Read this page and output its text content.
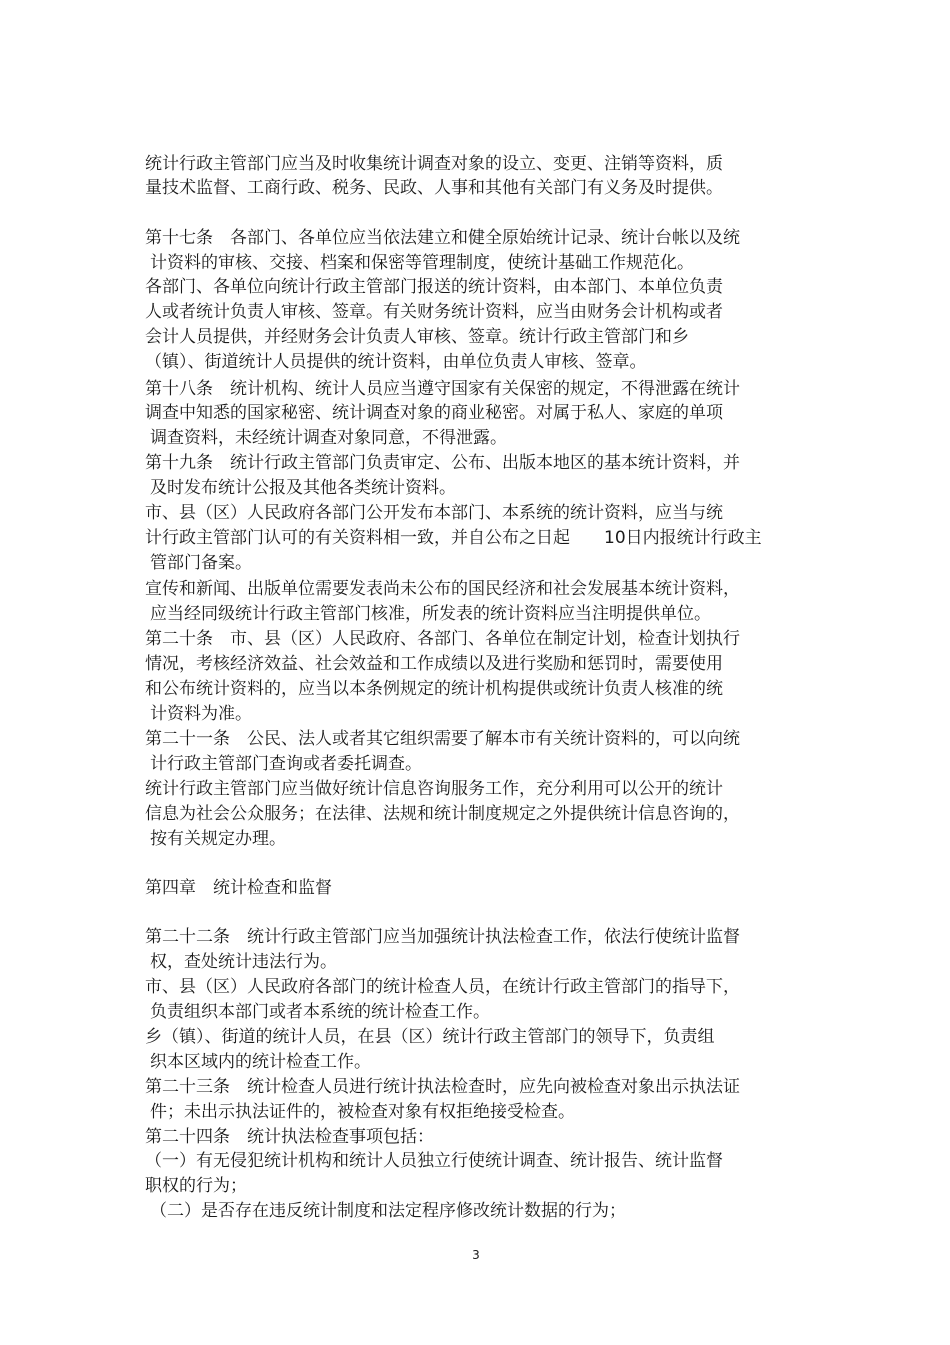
统计行政主管部门应当及时收集统计调查对象的设立、变更、注销等资料，质
量技术监督、工商行政、税务、民政、人事和其他有关部门有义务及时提供。
第十七条　各部门、各单位应当依法建立和健全原始统计记录、统计台帐以及统
计资料的审核、交接、档案和保密等管理制度，使统计基础工作规范化。
各部门、各单位向统计行政主管部门报送的统计资料，由本部门、本单位负责
人或者统计负责人审核、签章。有关财务统计资料，应当由财务会计机构或者
会计人员提供，并经财务会计负责人审核、签章。统计行政主管部门和乡
（镇）、街道统计人员提供的统计资料，由单位负责人审核、签章。
第十八条　统计机构、统计人员应当遵守国家有关保密的规定，不得泄露在统计
调查中知悉的国家秘密、统计调查对象的商业秘密。对属于私人、家庭的单项
调查资料，未经统计调查对象同意，不得泄露。
第十九条　统计行政主管部门负责审定、公布、出版本地区的基本统计资料，并
及时发布统计公报及其他各类统计资料。
市、县（区）人民政府各部门公开发布本部门、本系统的统计资料，应当与统
计行政主管部门认可的有关资料相一致，并自公布之日起　　10日内报统计行政主
管部门备案。
宣传和新闻、出版单位需要发表尚未公布的国民经济和社会发展基本统计资料，
应当经同级统计行政主管部门核准，所发表的统计资料应当注明提供单位。
第二十条　市、县（区）人民政府、各部门、各单位在制定计划，检查计划执行
情况，考核经济效益、社会效益和工作成绩以及进行奖励和惩罚时，需要使用
和公布统计资料的，应当以本条例规定的统计机构提供或统计负责人核准的统
计资料为准。
第二十一条　公民、法人或者其它组织需要了解本市有关统计资料的，可以向统
计行政主管部门查询或者委托调查。
统计行政主管部门应当做好统计信息咨询服务工作，充分利用可以公开的统计
信息为社会公众服务；在法律、法规和统计制度规定之外提供统计信息咨询的，
按有关规定办理。
第四章　统计检查和监督
第二十二条　统计行政主管部门应当加强统计执法检查工作，依法行使统计监督
权，查处统计违法行为。
市、县（区）人民政府各部门的统计检查人员，在统计行政主管部门的指导下，
负责组织本部门或者本系统的统计检查工作。
乡（镇）、街道的统计人员，在县（区）统计行政主管部门的领导下，负责组
织本区域内的统计检查工作。
第二十三条　统计检查人员进行统计执法检查时，应先向被检查对象出示执法证
件；未出示执法证件的，被检查对象有权拒绝接受检查。
第二十四条　统计执法检查事项包括：
（一）有无侵犯统计机构和统计人员独立行使统计调查、统计报告、统计监督
职权的行为；
（二）是否存在违反统计制度和法定程序修改统计数据的行为；
3
